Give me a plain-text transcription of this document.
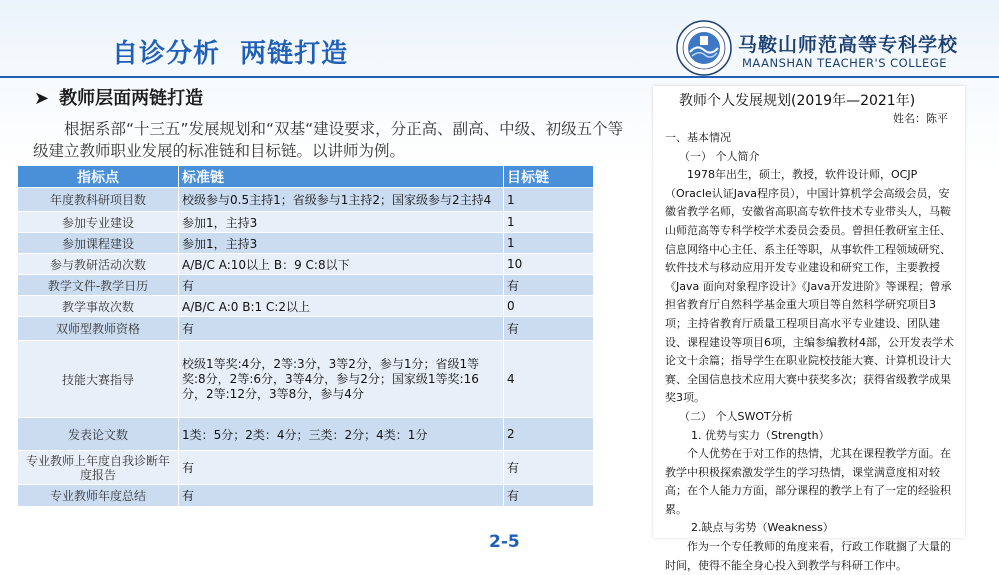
自诊分析  两链打造	马鞍山师范高等专科学校
MAANSHAN TEACHER'S COLLEGE
➤ 教师层面两链打造
根据系部“十三五”发展规划和“双基“建设要求，分正高、副高、中级、初级五个等级建立教师职业发展的标准链和目标链。以讲师为例。
指标点	标准链	目标链
年度教科研项目数	校级参与0.5主持1；省级参与1主持2；国家级参与2主持4	1
参加专业建设	参加1，主持3	1
参加课程建设	参加1，主持3	1
参与教研活动次数	A/B/C A:10以上 B：9 C:8以下	10
教学文件-教学日历	有	有
教学事故次数	A/B/C A:0 B:1 C:2以上	0
双师型教师资格	有	有
技能大赛指导	校级1等奖:4分，2等:3分，3等2分，参与1分；省级1等奖:8分，2等:6分，3等4分，参与2分；国家级1等奖:16分，2等:12分，3等8分，参与4分	4
发表论文数	1类：5分；2类：4分；三类：2分；4类：1分	2
专业教师上年度自我诊断年度报告	有	有
专业教师年度总结	有	有
2-5
教师个人发展规划(2019年—2021年)
姓名：陈平

一、基本情况

（一） 个人简介

1978年出生，硕士，教授，软件设计师，OCJP（Oracle认证Java程序员），中国计算机学会高级会员，安徽省教学名师，安徽省高职高专软件技术专业带头人，马鞍山师范高等专科学校学术委员会委员。曾担任教研室主任、信息网络中心主任、系主任等职，从事软件工程领域研究、软件技术与移动应用开发专业建设和研究工作，主要教授《Java 面向对象程序设计》《Java开发进阶》等课程；曾承担省教育厅自然科学基金重大项目等自然科学研究项目3项；主持省教育厅质量工程项目高水平专业建设、团队建设、课程建设等项目6项，主编参编教材4部，公开发表学术论文十余篇；指导学生在职业院校技能大赛、计算机设计大赛、全国信息技术应用大赛中获奖多次；获得省级教学成果奖3项。

（二） 个人SWOT分析

1. 优势与实力（Strength）

个人优势在于对工作的热情，尤其在课程教学方面。在教学中积极探索激发学生的学习热情，课堂满意度相对较高；在个人能力方面，部分课程的教学上有了一定的经验积累。

2.缺点与劣势（Weakness）

作为一个专任教师的角度来看，行政工作耽搁了大量的时间，使得不能全身心投入到教学与科研工作中。
